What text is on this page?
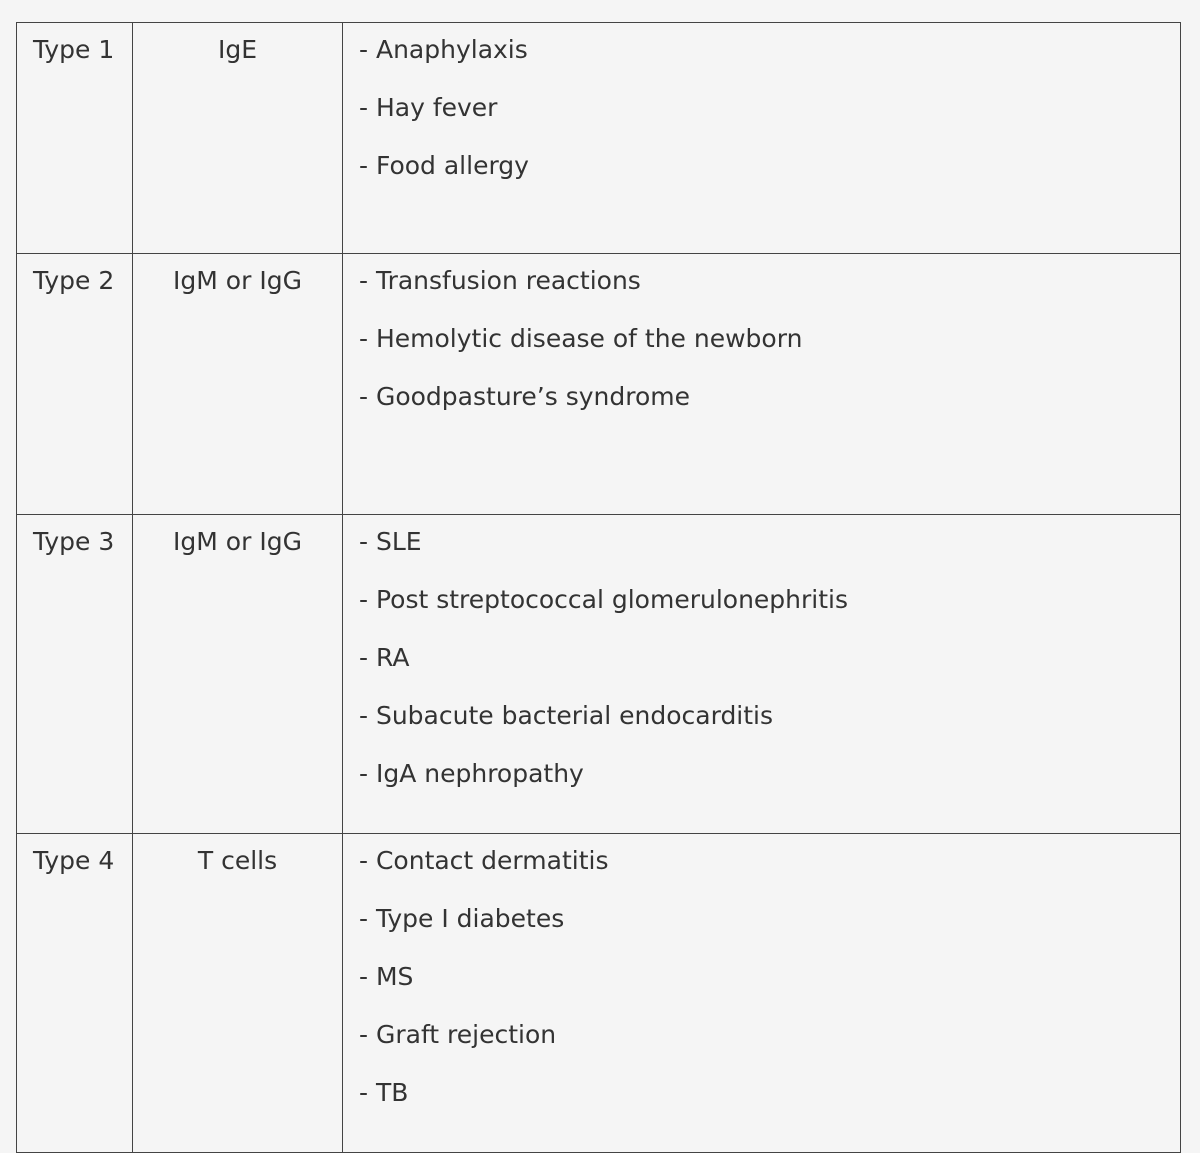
Type 1	IgE	- Anaphylaxis
- Hay fever
- Food allergy

Type 2	IgM or IgG	- Transfusion reactions
- Hemolytic disease of the newborn
- Goodpasture’s syndrome

Type 3	IgM or IgG	- SLE
- Post streptococcal glomerulonephritis
- RA
- Subacute bacterial endocarditis
- IgA nephropathy

Type 4	T cells	- Contact dermatitis
- Type I diabetes
- MS
- Graft rejection
- TB
